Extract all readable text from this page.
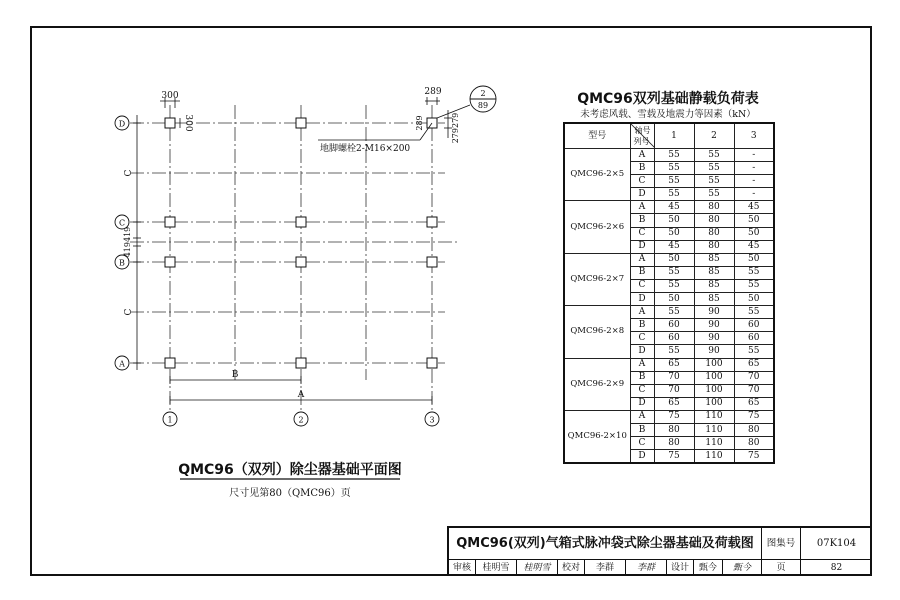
D
C
B
A
1	2	3
2
89
300	289
B
A
300
C
C
419419
289	279279
地脚螺栓2-M16×200
QMC96（双列）除尘器基础平面图
尺寸见第80（QMC96）页
QMC96双列基础静载负荷表
未考虑风载、雪载及地震力等因素（kN）
型号	轴号
列号	1	2	3
QMC96-2×5	A	55	55	-
	B	55	55	-
	C	55	55	-
	D	55	55	-
QMC96-2×6	A	45	80	45
	B	50	80	50
	C	50	80	50
	D	45	80	45
QMC96-2×7	A	50	85	50
	B	55	85	55
	C	55	85	55
	D	50	85	50
QMC96-2×8	A	55	90	55
	B	60	90	60
	C	60	90	60
	D	55	90	55
QMC96-2×9	A	65	100	65
	B	70	100	70
	C	70	100	70
	D	65	100	65
QMC96-2×10	A	75	110	75
	B	80	110	80
	C	80	110	80
	D	75	110	75
QMC96(双列)气箱式脉冲袋式除尘器基础及荷载图	图集号	07K104
审核	桂明雪	桂明雪	校对	李群	李群	设计	甄今	甄今	页	82
